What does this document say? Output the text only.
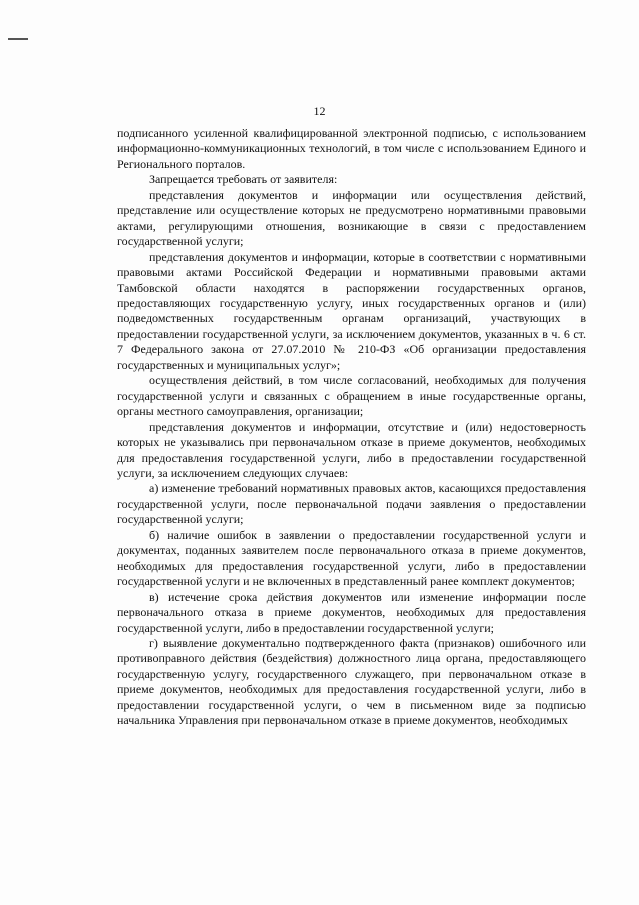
12

подписанного усиленной квалифицированной электронной подписью, с использованием информационно-коммуникационных технологий, в том числе с использованием Единого и Регионального порталов.

Запрещается требовать от заявителя:

представления документов и информации или осуществления действий, представление или осуществление которых не предусмотрено нормативными правовыми актами, регулирующими отношения, возникающие в связи с предоставлением государственной услуги;

представления документов и информации, которые в соответствии с нормативными правовыми актами Российской Федерации и нормативными правовыми актами Тамбовской области находятся в распоряжении государственных органов, предоставляющих государственную услугу, иных государственных органов и (или) подведомственных государственным органам организаций, участвующих в предоставлении государственной услуги, за исключением документов, указанных в ч. 6 ст. 7 Федерального закона от 27.07.2010 № 210-ФЗ «Об организации предоставления государственных и муниципальных услуг»;

осуществления действий, в том числе согласований, необходимых для получения государственной услуги и связанных с обращением в иные государственные органы, органы местного самоуправления, организации;

представления документов и информации, отсутствие и (или) недостоверность которых не указывались при первоначальном отказе в приеме документов, необходимых для предоставления государственной услуги, либо в предоставлении государственной услуги, за исключением следующих случаев:

а) изменение требований нормативных правовых актов, касающихся предоставления государственной услуги, после первоначальной подачи заявления о предоставлении государственной услуги;

б) наличие ошибок в заявлении о предоставлении государственной услуги и документах, поданных заявителем после первоначального отказа в приеме документов, необходимых для предоставления государственной услуги, либо в предоставлении государственной услуги и не включенных в представленный ранее комплект документов;

в) истечение срока действия документов или изменение информации после первоначального отказа в приеме документов, необходимых для предоставления государственной услуги, либо в предоставлении государственной услуги;

г) выявление документально подтвержденного факта (признаков) ошибочного или противоправного действия (бездействия) должностного лица органа, предоставляющего государственную услугу, государственного служащего, при первоначальном отказе в приеме документов, необходимых для предоставления государственной услуги, либо в предоставлении государственной услуги, о чем в письменном виде за подписью начальника Управления при первоначальном отказе в приеме документов, необходимых
